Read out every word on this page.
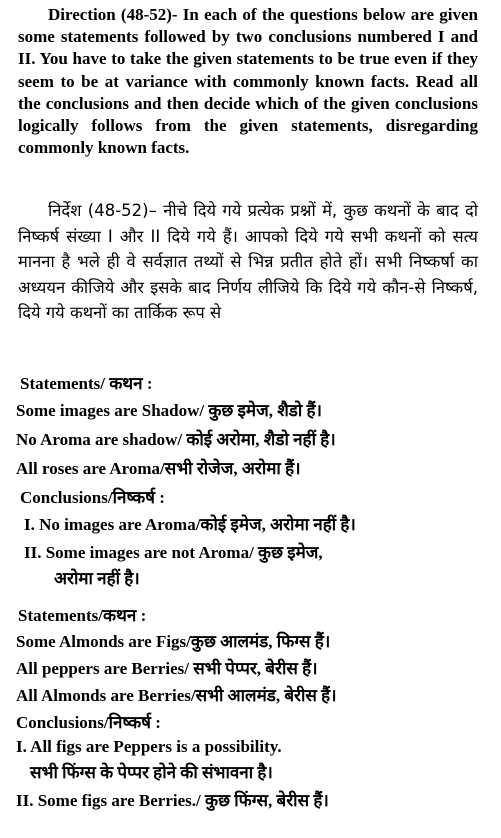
Direction (48-52)- In each of the questions below are given some statements followed by two conclusions numbered I and II. You have to take the given statements to be true even if they seem to be at variance with commonly known facts. Read all the conclusions and then decide which of the given conclusions logically follows from the given statements, disregarding commonly known facts.
निर्देश (48-52)– नीचे दिये गये प्रत्येक प्रश्नों में, कुछ कथनों के बाद दो निष्कर्ष संख्या I और II दिये गये हैं। आपको दिये गये सभी कथनों को सत्य मानना है भले ही वे सर्वज्ञात तथ्यों से भिन्न प्रतीत होते हों। सभी निष्कर्षा का अध्ययन कीजिये और इसके बाद निर्णय लीजिये कि दिये गये कौन-से निष्कर्ष, दिये गये कथनों का तार्किक रूप से
Statements/ कथन :
Some images are Shadow/ कुछ इमेज, शैडो हैं।
No Aroma are shadow/ कोई अरोमा, शैडो नहीं है।
All roses are Aroma/सभी रोजेज, अरोमा हैं।
Conclusions/निष्कर्ष :
I. No images are Aroma/कोई इमेज, अरोमा नहीं है।
II. Some images are not Aroma/ कुछ इमेज,
अरोमा नहीं है।
Statements/कथन :
Some Almonds are Figs/कुछ आलमंड, फिग्स हैं।
All peppers are Berries/ सभी पेप्पर, बेरीस हैं।
All Almonds are Berries/सभी आलमंड, बेरीस हैं।
Conclusions/निष्कर्ष :
I. All figs are Peppers is a possibility.
सभी फिंग्स के पेप्पर होने की संभावना है।
II. Some figs are Berries./ कुछ फिंग्स, बेरीस हैं।
